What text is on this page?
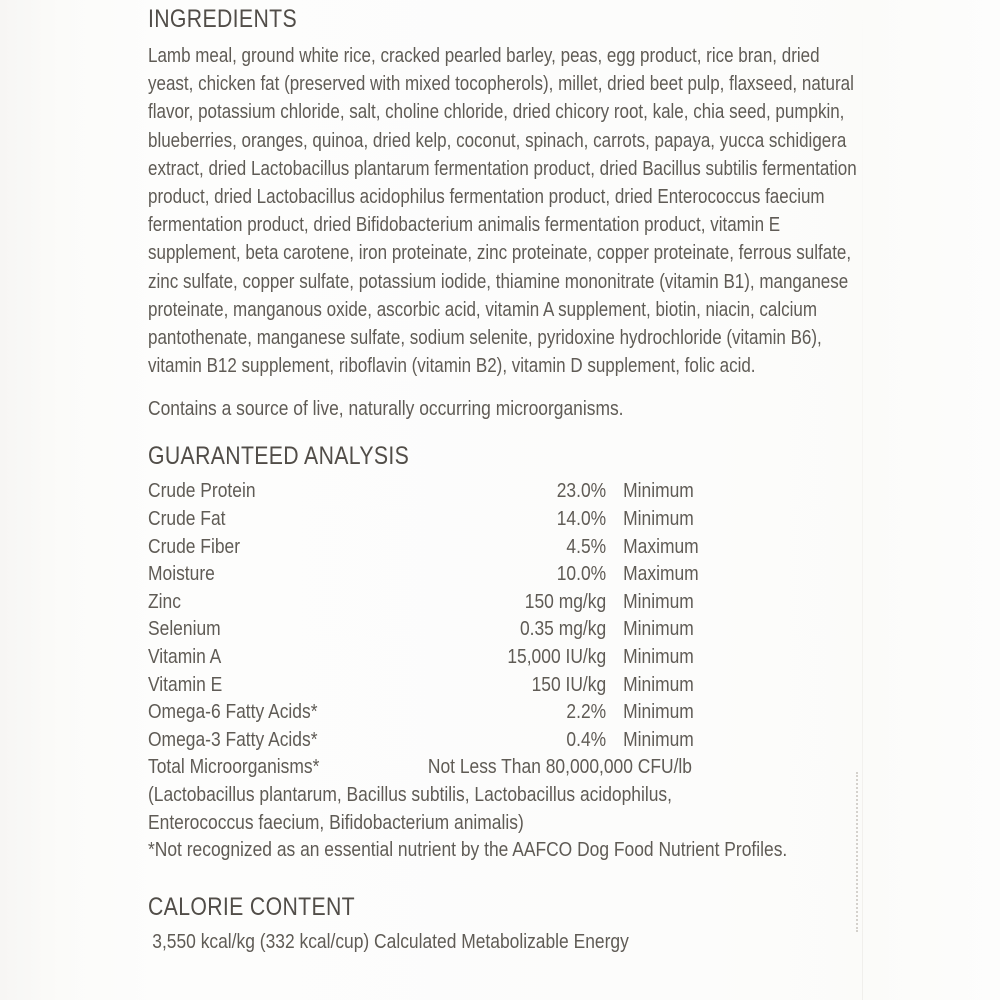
INGREDIENTS

Lamb meal, ground white rice, cracked pearled barley, peas, egg product, rice bran, dried yeast, chicken fat (preserved with mixed tocopherols), millet, dried beet pulp, flaxseed, natural flavor, potassium chloride, salt, choline chloride, dried chicory root, kale, chia seed, pumpkin, blueberries, oranges, quinoa, dried kelp, coconut, spinach, carrots, papaya, yucca schidigera extract, dried Lactobacillus plantarum fermentation product, dried Bacillus subtilis fermentation product, dried Lactobacillus acidophilus fermentation product, dried Enterococcus faecium fermentation product, dried Bifidobacterium animalis fermentation product, vitamin E supplement, beta carotene, iron proteinate, zinc proteinate, copper proteinate, ferrous sulfate, zinc sulfate, copper sulfate, potassium iodide, thiamine mononitrate (vitamin B1), manganese proteinate, manganous oxide, ascorbic acid, vitamin A supplement, biotin, niacin, calcium pantothenate, manganese sulfate, sodium selenite, pyridoxine hydrochloride (vitamin B6), vitamin B12 supplement, riboflavin (vitamin B2), vitamin D supplement, folic acid.

Contains a source of live, naturally occurring microorganisms.

GUARANTEED ANALYSIS
Crude Protein	23.0% Minimum
Crude Fat	14.0% Minimum
Crude Fiber	4.5% Maximum
Moisture	10.0% Maximum
Zinc	150 mg/kg Minimum
Selenium	0.35 mg/kg Minimum
Vitamin A	15,000 IU/kg Minimum
Vitamin E	150 IU/kg Minimum
Omega-6 Fatty Acids*	2.2% Minimum
Omega-3 Fatty Acids*	0.4% Minimum
Total Microorganisms*	Not Less Than 80,000,000 CFU/lb

(Lactobacillus plantarum, Bacillus subtilis, Lactobacillus acidophilus, Enterococcus faecium, Bifidobacterium animalis)

*Not recognized as an essential nutrient by the AAFCO Dog Food Nutrient Profiles.

CALORIE CONTENT

3,550 kcal/kg (332 kcal/cup) Calculated Metabolizable Energy
